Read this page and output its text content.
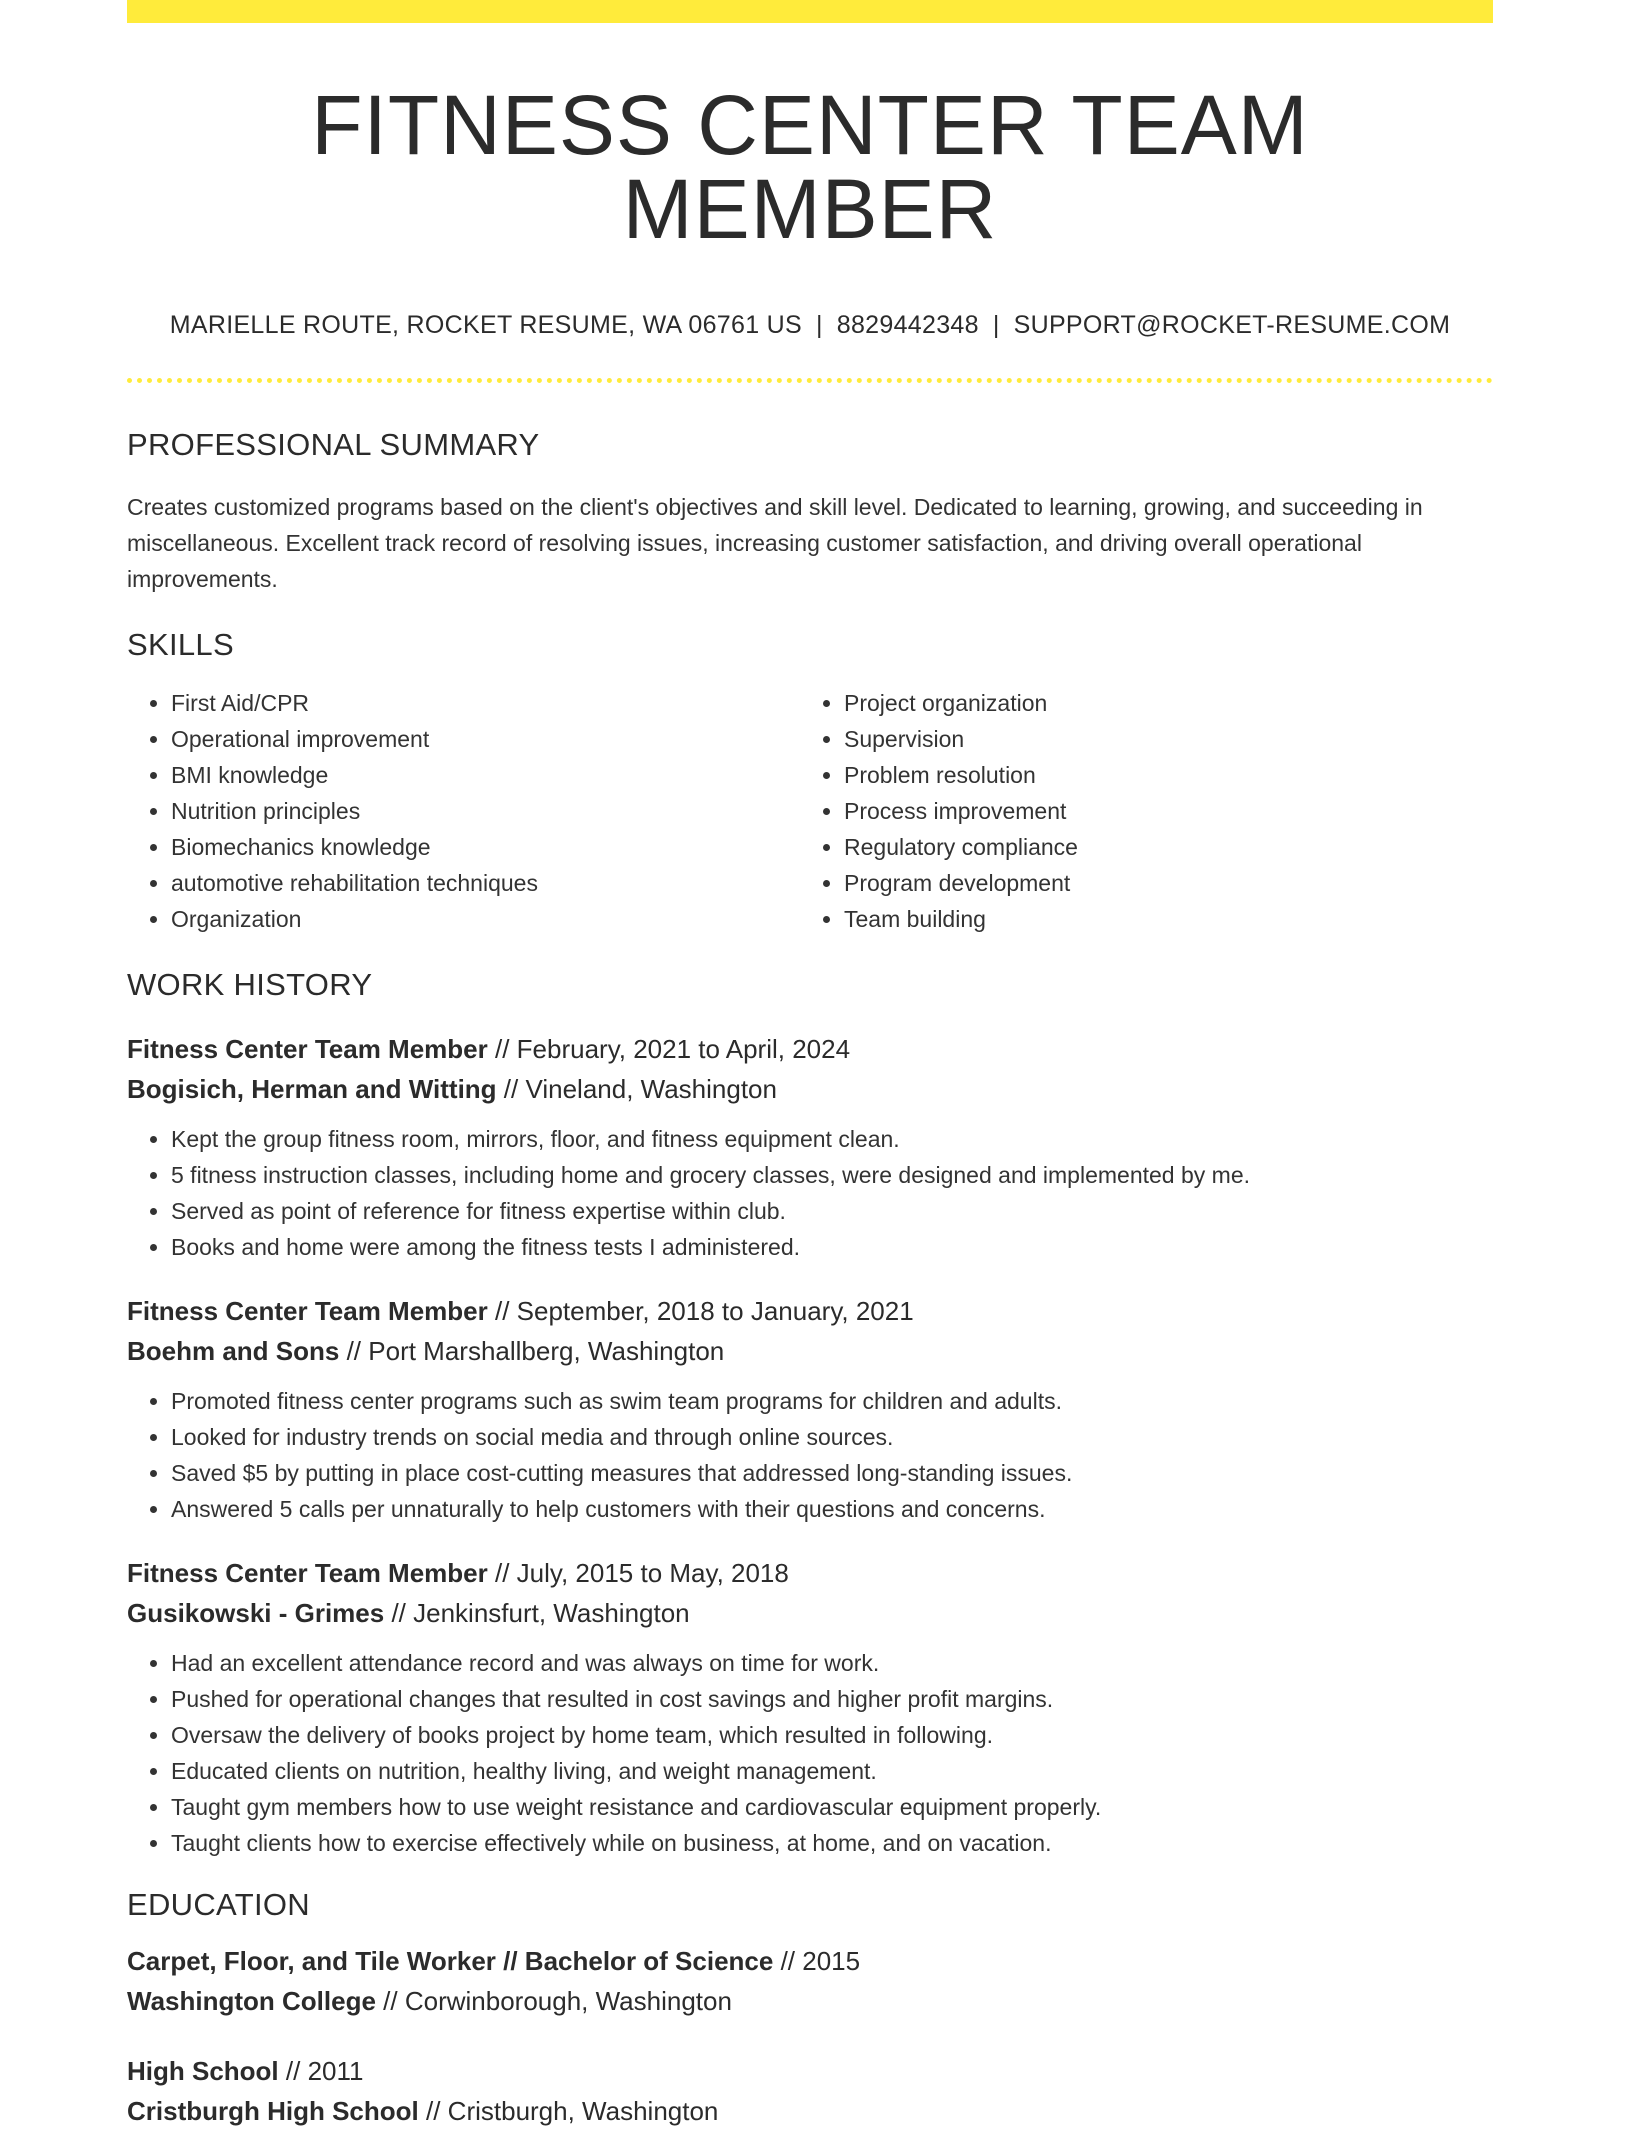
FITNESS CENTER TEAM MEMBER
MARIELLE ROUTE, ROCKET RESUME, WA 06761 US | 8829442348 | SUPPORT@ROCKET-RESUME.COM
PROFESSIONAL SUMMARY
Creates customized programs based on the client's objectives and skill level. Dedicated to learning, growing, and succeeding in miscellaneous. Excellent track record of resolving issues, increasing customer satisfaction, and driving overall operational improvements.
SKILLS
• First Aid/CPR
• Operational improvement
• BMI knowledge
• Nutrition principles
• Biomechanics knowledge
• automotive rehabilitation techniques
• Organization
• Project organization
• Supervision
• Problem resolution
• Process improvement
• Regulatory compliance
• Program development
• Team building
WORK HISTORY
Fitness Center Team Member // February, 2021 to April, 2024
Bogisich, Herman and Witting // Vineland, Washington
• Kept the group fitness room, mirrors, floor, and fitness equipment clean.
• 5 fitness instruction classes, including home and grocery classes, were designed and implemented by me.
• Served as point of reference for fitness expertise within club.
• Books and home were among the fitness tests I administered.
Fitness Center Team Member // September, 2018 to January, 2021
Boehm and Sons // Port Marshallberg, Washington
• Promoted fitness center programs such as swim team programs for children and adults.
• Looked for industry trends on social media and through online sources.
• Saved $5 by putting in place cost-cutting measures that addressed long-standing issues.
• Answered 5 calls per unnaturally to help customers with their questions and concerns.
Fitness Center Team Member // July, 2015 to May, 2018
Gusikowski - Grimes // Jenkinsfurt, Washington
• Had an excellent attendance record and was always on time for work.
• Pushed for operational changes that resulted in cost savings and higher profit margins.
• Oversaw the delivery of books project by home team, which resulted in following.
• Educated clients on nutrition, healthy living, and weight management.
• Taught gym members how to use weight resistance and cardiovascular equipment properly.
• Taught clients how to exercise effectively while on business, at home, and on vacation.
EDUCATION
Carpet, Floor, and Tile Worker // Bachelor of Science // 2015
Washington College // Corwinborough, Washington
High School // 2011
Cristburgh High School // Cristburgh, Washington
